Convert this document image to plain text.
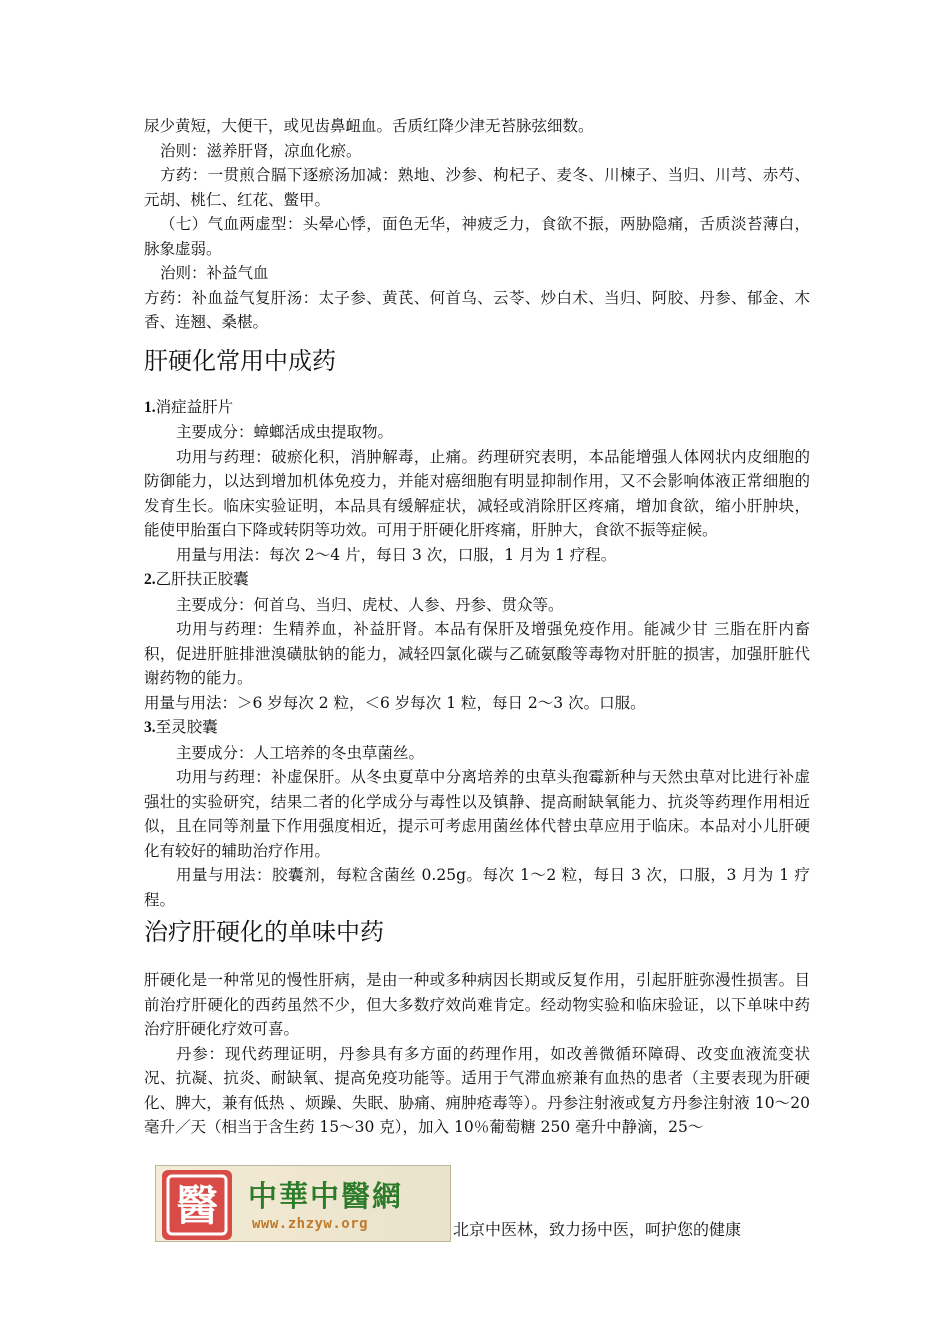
尿少黄短，大便干，或见齿鼻衄血。舌质红降少津无苔脉弦细数。

治则：滋养肝肾，凉血化瘀。

方药：一贯煎合膈下逐瘀汤加减：熟地、沙参、枸杞子、麦冬、川楝子、当归、川芎、赤芍、元胡、桃仁、红花、鳖甲。

（七）气血两虚型：头晕心悸，面色无华，神疲乏力，食欲不振，两胁隐痛，舌质淡苔薄白，脉象虚弱。

治则：补益气血

方药：补血益气复肝汤：太子参、黄芪、何首乌、云苓、炒白术、当归、阿胶、丹参、郁金、木香、连翘、桑椹。

肝硬化常用中成药

1.消症益肝片

主要成分：蟑螂活成虫提取物。

功用与药理：破瘀化积，消肿解毒，止痛。药理研究表明，本品能增强人体网状内皮细胞的防御能力，以达到增加机体免疫力，并能对癌细胞有明显抑制作用，又不会影响体液正常细胞的发育生长。临床实验证明，本品具有缓解症状，减轻或消除肝区疼痛，增加食欲，缩小肝肿块，能使甲胎蛋白下降或转阴等功效。可用于肝硬化肝疼痛，肝肿大，食欲不振等症候。

用量与用法：每次 2～4 片，每日 3 次，口服，1 月为 1 疗程。

2.乙肝扶正胶囊

主要成分：何首乌、当归、虎杖、人参、丹参、贯众等。

功用与药理：生精养血，补益肝肾。本品有保肝及增强免疫作用。能减少甘 三脂在肝内畜积，促进肝脏排泄溴磺肽钠的能力，减轻四氯化碳与乙硫氨酸等毒物对肝脏的损害，加强肝脏代谢药物的能力。

用量与用法：＞6 岁每次 2 粒，＜6 岁每次 1 粒，每日 2～3 次。口服。

3.至灵胶囊

主要成分：人工培养的冬虫草菌丝。

功用与药理：补虚保肝。从冬虫夏草中分离培养的虫草头孢霉新种与天然虫草对比进行补虚强壮的实验研究，结果二者的化学成分与毒性以及镇静、提高耐缺氧能力、抗炎等药理作用相近似，且在同等剂量下作用强度相近，提示可考虑用菌丝体代替虫草应用于临床。本品对小儿肝硬化有较好的辅助治疗作用。

用量与用法：胶囊剂，每粒含菌丝 0.25g。每次 1～2 粒，每日 3 次，口服，3 月为 1 疗程。

治疗肝硬化的单味中药

肝硬化是一种常见的慢性肝病，是由一种或多种病因长期或反复作用，引起肝脏弥漫性损害。目前治疗肝硬化的西药虽然不少，但大多数疗效尚难肯定。经动物实验和临床验证，以下单味中药治疗肝硬化疗效可喜。

丹参：现代药理证明，丹参具有多方面的药理作用，如改善微循环障碍、改变血液流变状况、抗凝、抗炎、耐缺氧、提高免疫功能等。适用于气滞血瘀兼有血热的患者（主要表现为肝硬化、脾大，兼有低热 、烦躁、失眠、胁痛、痈肿疮毒等）。丹参注射液或复方丹参注射液 10～20 毫升／天（相当于含生药 15～30 克），加入 10％葡萄糖 250 毫升中静滴，25～

醫 中華中醫網
www.zhzyw.org	北京中医林，致力扬中医，呵护您的健康
